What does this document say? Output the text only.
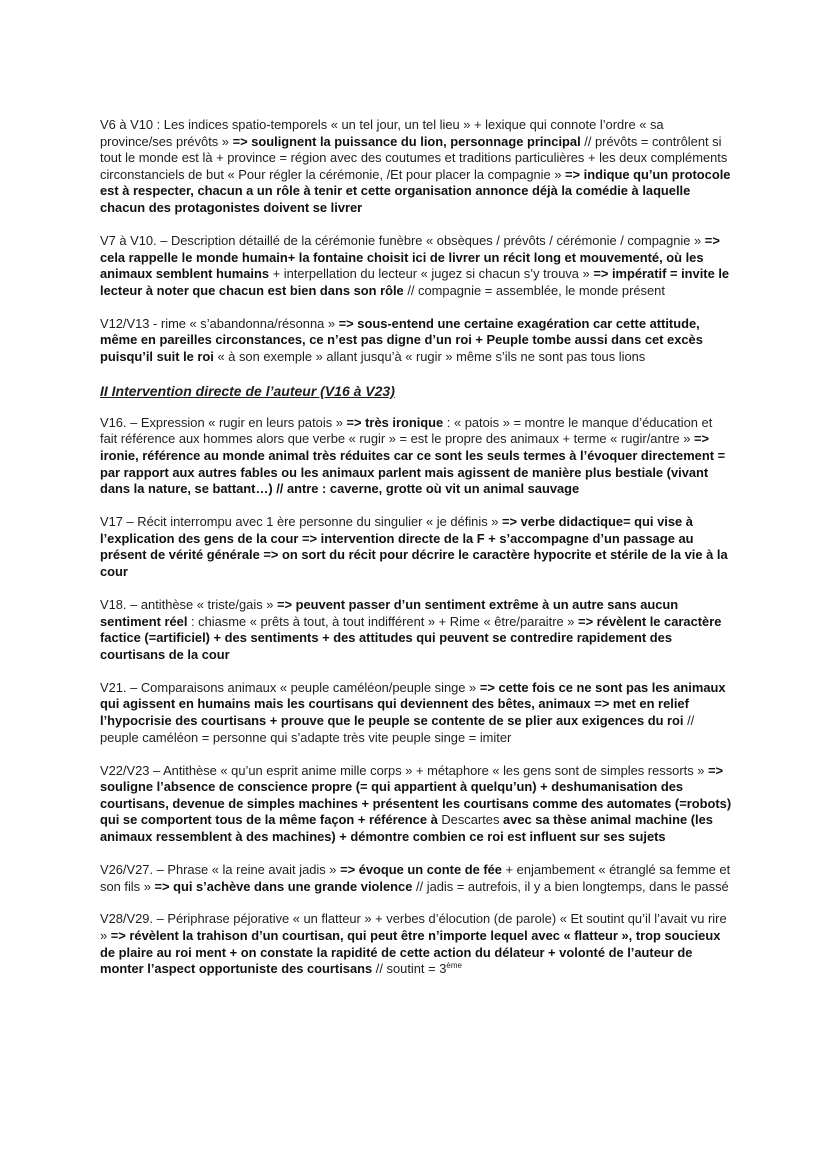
V6 à V10 : Les indices spatio-temporels « un tel jour, un tel lieu » + lexique qui connote l’ordre « sa province/ses prévôts » => soulignent la puissance du lion, personnage principal // prévôts = contrôlent si tout le monde est là + province = région avec des coutumes et traditions particulières + les deux compléments circonstanciels de but « Pour régler la cérémonie, /Et pour placer la compagnie » => indique qu’un protocole est à respecter, chacun a un rôle à tenir et cette organisation annonce déjà la comédie à laquelle chacun des protagonistes doivent se livrer

V7 à V10. – Description détaillé de la cérémonie funèbre « obsèques / prévôts / cérémonie / compagnie » => cela rappelle le monde humain+ la fontaine choisit ici de livrer un récit long et mouvementé, où les animaux semblent humains + interpellation du lecteur « jugez si chacun s’y trouva » => impératif = invite le lecteur à noter que chacun est bien dans son rôle // compagnie = assemblée, le monde présent

V12/V13 - rime « s’abandonna/résonna » => sous-entend une certaine exagération car cette attitude, même en pareilles circonstances, ce n’est pas digne d’un roi + Peuple tombe aussi dans cet excès puisqu’il suit le roi « à son exemple » allant jusqu’à « rugir » même s’ils ne sont pas tous lions

II Intervention directe de l’auteur (V16 à V23)

V16. – Expression « rugir en leurs patois » => très ironique : « patois » = montre le manque d’éducation et fait référence aux hommes alors que verbe « rugir » = est le propre des animaux + terme « rugir/antre » => ironie, référence au monde animal très réduites car ce sont les seuls termes à l’évoquer directement = par rapport aux autres fables ou les animaux parlent mais agissent de manière plus bestiale (vivant dans la nature, se battant…) // antre : caverne, grotte où vit un animal sauvage

V17 – Récit interrompu avec 1 ère personne du singulier « je définis » => verbe didactique= qui vise à l’explication des gens de la cour => intervention directe de la F + s’accompagne d’un passage au présent de vérité générale => on sort du récit pour décrire le caractère hypocrite et stérile de la vie à la cour

V18. – antithèse « triste/gais » => peuvent passer d’un sentiment extrême à un autre sans aucun sentiment réel : chiasme « prêts à tout, à tout indifférent » + Rime « être/paraitre » => révèlent le caractère factice (=artificiel) + des sentiments + des attitudes qui peuvent se contredire rapidement des courtisans de la cour

V21. – Comparaisons animaux « peuple caméléon/peuple singe » => cette fois ce ne sont pas les animaux qui agissent en humains mais les courtisans qui deviennent des bêtes, animaux => met en relief l’hypocrisie des courtisans + prouve que le peuple se contente de se plier aux exigences du roi // peuple caméléon = personne qui s’adapte très vite peuple singe = imiter

V22/V23 – Antithèse « qu’un esprit anime mille corps » + métaphore « les gens sont de simples ressorts » => souligne l’absence de conscience propre (= qui appartient à quelqu’un) + deshumanisation des courtisans, devenue de simples machines + présentent les courtisans comme des automates (=robots) qui se comportent tous de la même façon + référence à Descartes avec sa thèse animal machine (les animaux ressemblent à des machines) + démontre combien ce roi est influent sur ses sujets

V26/V27. – Phrase « la reine avait jadis » => évoque un conte de fée + enjambement « étranglé sa femme et son fils » => qui s’achève dans une grande violence // jadis = autrefois, il y a bien longtemps, dans le passé

V28/V29. – Périphrase péjorative « un flatteur » + verbes d’élocution (de parole) « Et soutint qu’il l’avait vu rire » => révèlent la trahison d’un courtisan, qui peut être n’importe lequel avec « flatteur », trop soucieux de plaire au roi ment + on constate la rapidité de cette action du délateur + volonté de l’auteur de monter l’aspect opportuniste des courtisans // soutint = 3ème
